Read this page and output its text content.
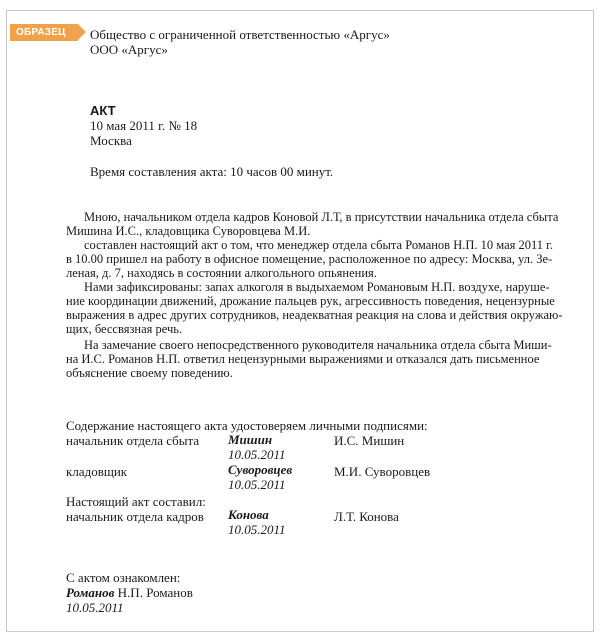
ОБРАЗЕЦ	Общество с ограниченной ответственностью «Аргус»
ООО «Аргус»
АКТ
10 мая 2011 г. № 18
Москва
Время составления акта: 10 часов 00 минут.
Мною, начальником отдела кадров Коновой Л.Т, в присутствии начальника отдела сбыта
Мишина И.С., кладовщика Суворовцева М.И.
составлен настоящий акт о том, что менеджер отдела сбыта Романов Н.П. 10 мая 2011 г.
в 10.00 пришел на работу в офисное помещение, расположенное по адресу: Москва, ул. Зе-
леная, д. 7, находясь в состоянии алкогольного опьянения.
Нами зафиксированы: запах алкоголя в выдыхаемом Романовым Н.П. воздухе, наруше-
ние координации движений, дрожание пальцев рук, агрессивность поведения, нецензурные
выражения в адрес других сотрудников, неадекватная реакция на слова и действия окружаю-
щих, бессвязная речь.
На замечание своего непосредственного руководителя начальника отдела сбыта Миши-
на И.С. Романов Н.П. ответил нецензурными выражениями и отказался дать письменное
объяснение своему поведению.
Содержание настоящего акта удостоверяем личными подписями:
начальник отдела сбыта Мишин
10.05.2011
И.С. Мишин
кладовщик	Суворовцев
10.05.2011
М.И. Суворовцев
Настоящий акт составил:
начальник отдела кадров Конова
10.05.2011
Л.Т. Конова
С актом ознакомлен:
Романов Н.П. Романов
10.05.2011
